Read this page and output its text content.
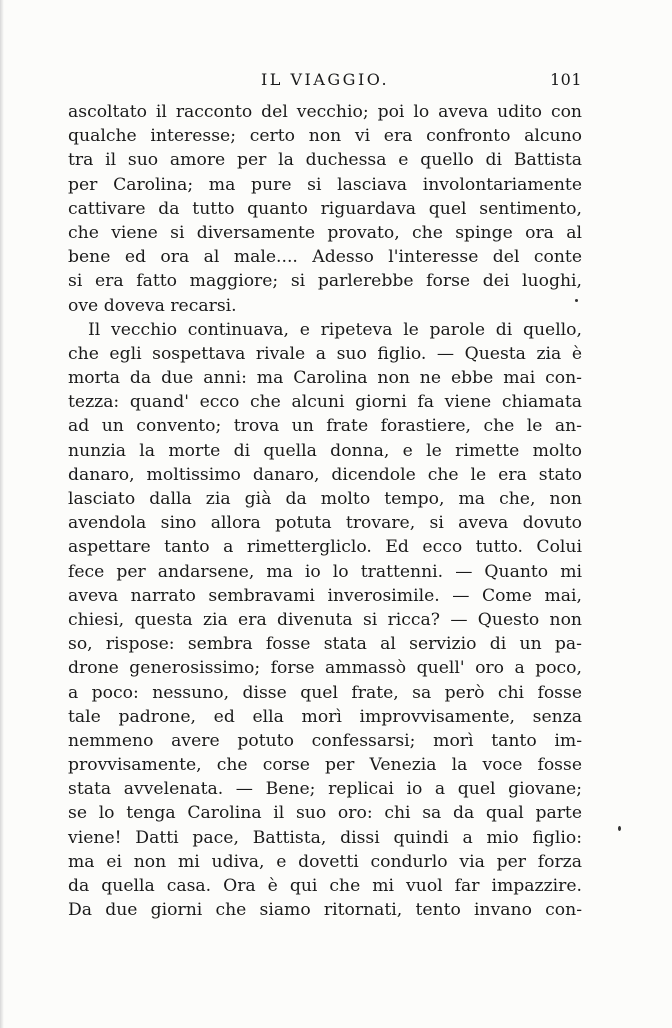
IL VIAGGIO.	101
ascoltato il racconto del vecchio; poi lo aveva udito con
qualche interesse; certo non vi era confronto alcuno
tra il suo amore per la duchessa e quello di Battista
per Carolina; ma pure si lasciava involontariamente
cattivare da tutto quanto riguardava quel sentimento,
che viene si diversamente provato, che spinge ora al
bene ed ora al male.... Adesso l'interesse del conte
si era fatto maggiore; si parlerebbe forse dei luoghi,
ove doveva recarsi.
Il vecchio continuava, e ripeteva le parole di quello,
che egli sospettava rivale a suo figlio. — Questa zia è
morta da due anni: ma Carolina non ne ebbe mai con-
tezza: quand' ecco che alcuni giorni fa viene chiamata
ad un convento; trova un frate forastiere, che le an-
nunzia la morte di quella donna, e le rimette molto
danaro, moltissimo danaro, dicendole che le era stato
lasciato dalla zia già da molto tempo, ma che, non
avendola sino allora potuta trovare, si aveva dovuto
aspettare tanto a rimettergliclo. Ed ecco tutto. Colui
fece per andarsene, ma io lo trattenni. — Quanto mi
aveva narrato sembravami inverosimile. — Come mai,
chiesi, questa zia era divenuta si ricca? — Questo non
so, rispose: sembra fosse stata al servizio di un pa-
drone generosissimo; forse ammassò quell' oro a poco,
a poco: nessuno, disse quel frate, sa però chi fosse
tale padrone, ed ella morì improvvisamente, senza
nemmeno avere potuto confessarsi; morì tanto im-
provvisamente, che corse per Venezia la voce fosse
stata avvelenata. — Bene; replicai io a quel giovane;
se lo tenga Carolina il suo oro: chi sa da qual parte
viene! Datti pace, Battista, dissi quindi a mio figlio:
ma ei non mi udiva, e dovetti condurlo via per forza
da quella casa. Ora è qui che mi vuol far impazzire.
Da due giorni che siamo ritornati, tento invano con-
